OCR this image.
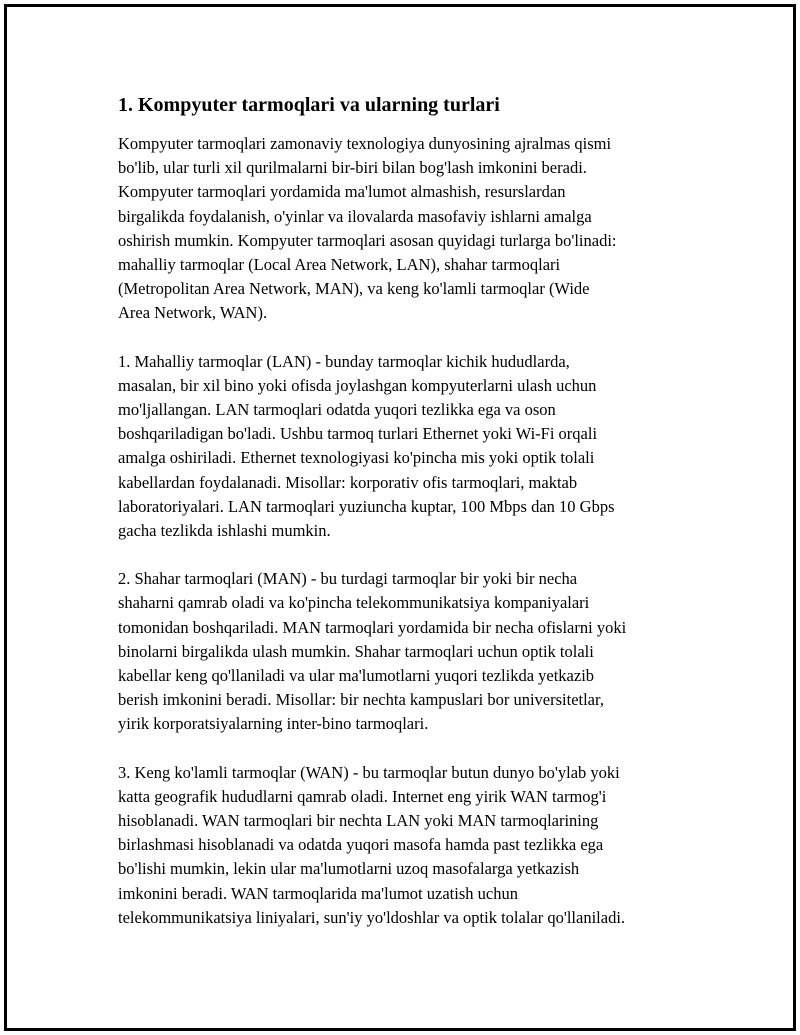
1. Kompyuter tarmoqlari va ularning turlari

Kompyuter tarmoqlari zamonaviy texnologiya dunyosining ajralmas qismi
bo'lib, ular turli xil qurilmalarni bir-biri bilan bog'lash imkonini beradi.
Kompyuter tarmoqlari yordamida ma'lumot almashish, resurslardan
birgalikda foydalanish, o'yinlar va ilovalarda masofaviy ishlarni amalga
oshirish mumkin. Kompyuter tarmoqlari asosan quyidagi turlarga bo'linadi:
mahalliy tarmoqlar (Local Area Network, LAN), shahar tarmoqlari
(Metropolitan Area Network, MAN), va keng ko'lamli tarmoqlar (Wide
Area Network, WAN).

1. Mahalliy tarmoqlar (LAN) - bunday tarmoqlar kichik hududlarda,
masalan, bir xil bino yoki ofisda joylashgan kompyuterlarni ulash uchun
mo'ljallangan. LAN tarmoqlari odatda yuqori tezlikka ega va oson
boshqariladigan bo'ladi. Ushbu tarmoq turlari Ethernet yoki Wi-Fi orqali
amalga oshiriladi. Ethernet texnologiyasi ko'pincha mis yoki optik tolali
kabellardan foydalanadi. Misollar: korporativ ofis tarmoqlari, maktab
laboratoriyalari. LAN tarmoqlari yuziuncha kuptar, 100 Mbps dan 10 Gbps
gacha tezlikda ishlashi mumkin.

2. Shahar tarmoqlari (MAN) - bu turdagi tarmoqlar bir yoki bir necha
shaharni qamrab oladi va ko'pincha telekommunikatsiya kompaniyalari
tomonidan boshqariladi. MAN tarmoqlari yordamida bir necha ofislarni yoki
binolarni birgalikda ulash mumkin. Shahar tarmoqlari uchun optik tolali
kabellar keng qo'llaniladi va ular ma'lumotlarni yuqori tezlikda yetkazib
berish imkonini beradi. Misollar: bir nechta kampuslari bor universitetlar,
yirik korporatsiyalarning inter-bino tarmoqlari.

3. Keng ko'lamli tarmoqlar (WAN) - bu tarmoqlar butun dunyo bo'ylab yoki
katta geografik hududlarni qamrab oladi. Internet eng yirik WAN tarmog'i
hisoblanadi. WAN tarmoqlari bir nechta LAN yoki MAN tarmoqlarining
birlashmasi hisoblanadi va odatda yuqori masofa hamda past tezlikka ega
bo'lishi mumkin, lekin ular ma'lumotlarni uzoq masofalarga yetkazish
imkonini beradi. WAN tarmoqlarida ma'lumot uzatish uchun
telekommunikatsiya liniyalari, sun'iy yo'ldoshlar va optik tolalar qo'llaniladi.
